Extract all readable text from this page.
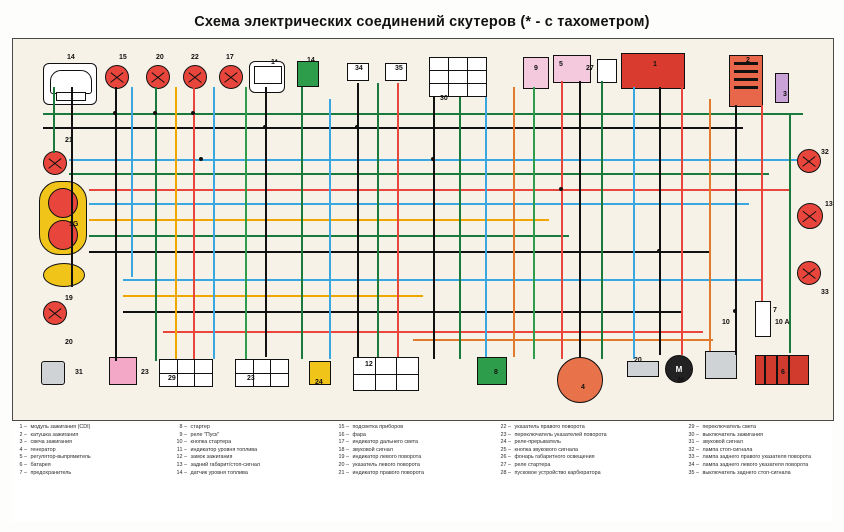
Схема электрических соединений скутеров (* - с тахометром)
M
14	15	20	22	17
1*	14
34	35
30
9
5
27
1
2
3
21
32
13
1G
33
19
20
7
10 A
10
20
31	23
29	23
24
12
8
4
6
M
1 – модуль зажигания (CDI)
2 – катушка зажигания
3 – свеча зажигания
4 – генератор
5 – регулятор-выпрямитель
6 – батарея
7 – предохранитель
8 – стартер
9 – реле "Пуск"
10 – кнопка стартера
11 – индикатор уровня топлива
12 – замок зажигания
13 – задний габарит/стоп-сигнал
14 – датчик уровня топлива
15 – подсветка приборов
16 – фара
17 – индикатор дальнего света
18 – звуковой сигнал
19 – индикатор левого поворота
20 – указатель левого поворота
21 – индикатор правого поворота
22 – указатель правого поворота
23 – переключатель указателей поворота
24 – реле-прерыватель
25 – кнопка звукового сигнала
26 – фонарь габаритного освещения
27 – реле стартера
28 – пусковое устройство карбюратора
29 – переключатель света
30 – выключатель зажигания
31 – звуковой сигнал
32 – лампа стоп-сигнала
33 – лампа заднего правого указателя поворота
34 – лампа заднего левого указателя поворота
35 – выключатель заднего стоп-сигнала
